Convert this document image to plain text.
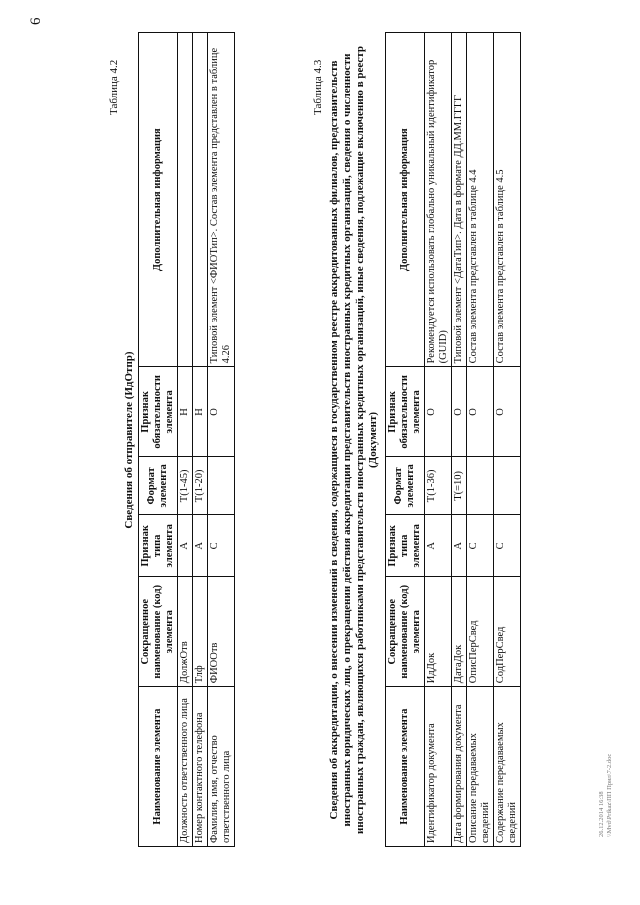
6
Таблица 4.2
Сведения об отправителе (ИдОтпр)
Наименование элемента	Сокращенное наименование (код) элемента	Признак типа элемента	Формат элемента	Признак обязательности элемента	Дополнительная информация
Должность ответственного лица	ДолжОтв	А	T(1-45)	Н	
Номер контактного телефона	Тлф	А	T(1-20)	Н	
Фамилия, имя, отчество ответственного лица	ФИООтв	С		О	Типовой элемент <ФИОТип>. Состав элемента представлен в таблице 4.26
Таблица 4.3 Сведения об аккредитации, о внесении изменений в сведения, содержащиеся в государственном реестре аккредитованных филиалов, представительств иностранных юридических лиц, о прекращении действия аккредитации представительств иностранных кредитных организаций, сведения о численности иностранных граждан, являющихся работниками представительств иностранных кредитных организаций, иные сведения, подлежащие включению в реестр (Документ)
Наименование элемента	Сокращенное наименование (код) элемента	Признак типа элемента	Формат элемента	Признак обязательности элемента	Дополнительная информация
Идентификатор документа	ИдДок	А	T(1-36)	О	Рекомендуется использовать глобально уникальный идентификатор (GUID)
Дата формирования документа	ДатаДок	А	T(=10)	О	Типовой элемент <ДатаТип>. Дата в формате ДД.ММ.ГГГГ
Описание передаваемых сведений	ОписПерСвед	С		О	Состав элемента представлен в таблице 4.4
Содержание передаваемых сведений	СодПерСвед	С		О	Состав элемента представлен в таблице 4.5
26.12.2014 16:38 \\Mvd\Prikaz\ПП Прил\7-2.doc
